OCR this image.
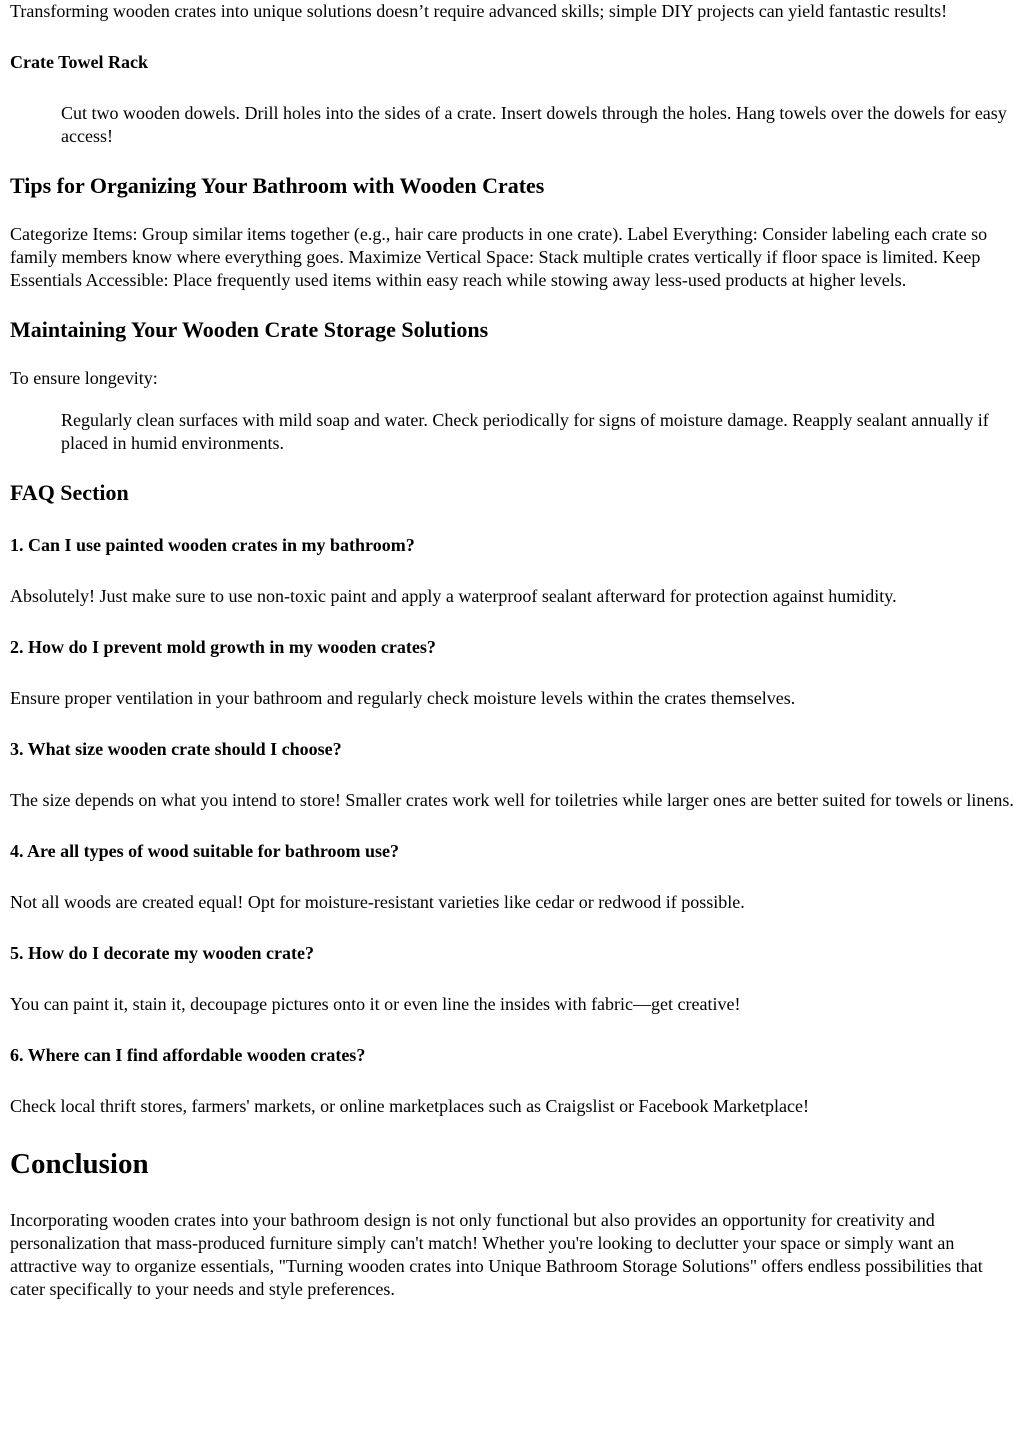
Transforming wooden crates into unique solutions doesn’t require advanced skills; simple DIY projects can yield fantastic results!

Crate Towel Rack
Cut two wooden dowels. Drill holes into the sides of a crate. Insert dowels through the holes. Hang towels over the dowels for easy access!
Tips for Organizing Your Bathroom with Wooden Crates

Categorize Items: Group similar items together (e.g., hair care products in one crate). Label Everything: Consider labeling each crate so family members know where everything goes. Maximize Vertical Space: Stack multiple crates vertically if floor space is limited. Keep Essentials Accessible: Place frequently used items within easy reach while stowing away less-used products at higher levels.

Maintaining Your Wooden Crate Storage Solutions

To ensure longevity:

Regularly clean surfaces with mild soap and water. Check periodically for signs of moisture damage. Reapply sealant annually if placed in humid environments.
FAQ Section
1. Can I use painted wooden crates in my bathroom?

Absolutely! Just make sure to use non-toxic paint and apply a waterproof sealant afterward for protection against humidity.

2. How do I prevent mold growth in my wooden crates?

Ensure proper ventilation in your bathroom and regularly check moisture levels within the crates themselves.

3. What size wooden crate should I choose?

The size depends on what you intend to store! Smaller crates work well for toiletries while larger ones are better suited for towels or linens.

4. Are all types of wood suitable for bathroom use?

Not all woods are created equal! Opt for moisture-resistant varieties like cedar or redwood if possible.

5. How do I decorate my wooden crate?

You can paint it, stain it, decoupage pictures onto it or even line the insides with fabric—get creative!

6. Where can I find affordable wooden crates?

Check local thrift stores, farmers' markets, or online marketplaces such as Craigslist or Facebook Marketplace!

Conclusion

Incorporating wooden crates into your bathroom design is not only functional but also provides an opportunity for creativity and personalization that mass-produced furniture simply can't match! Whether you're looking to declutter your space or simply want an attractive way to organize essentials, "Turning wooden crates into Unique Bathroom Storage Solutions" offers endless possibilities that cater specifically to your needs and style preferences.
